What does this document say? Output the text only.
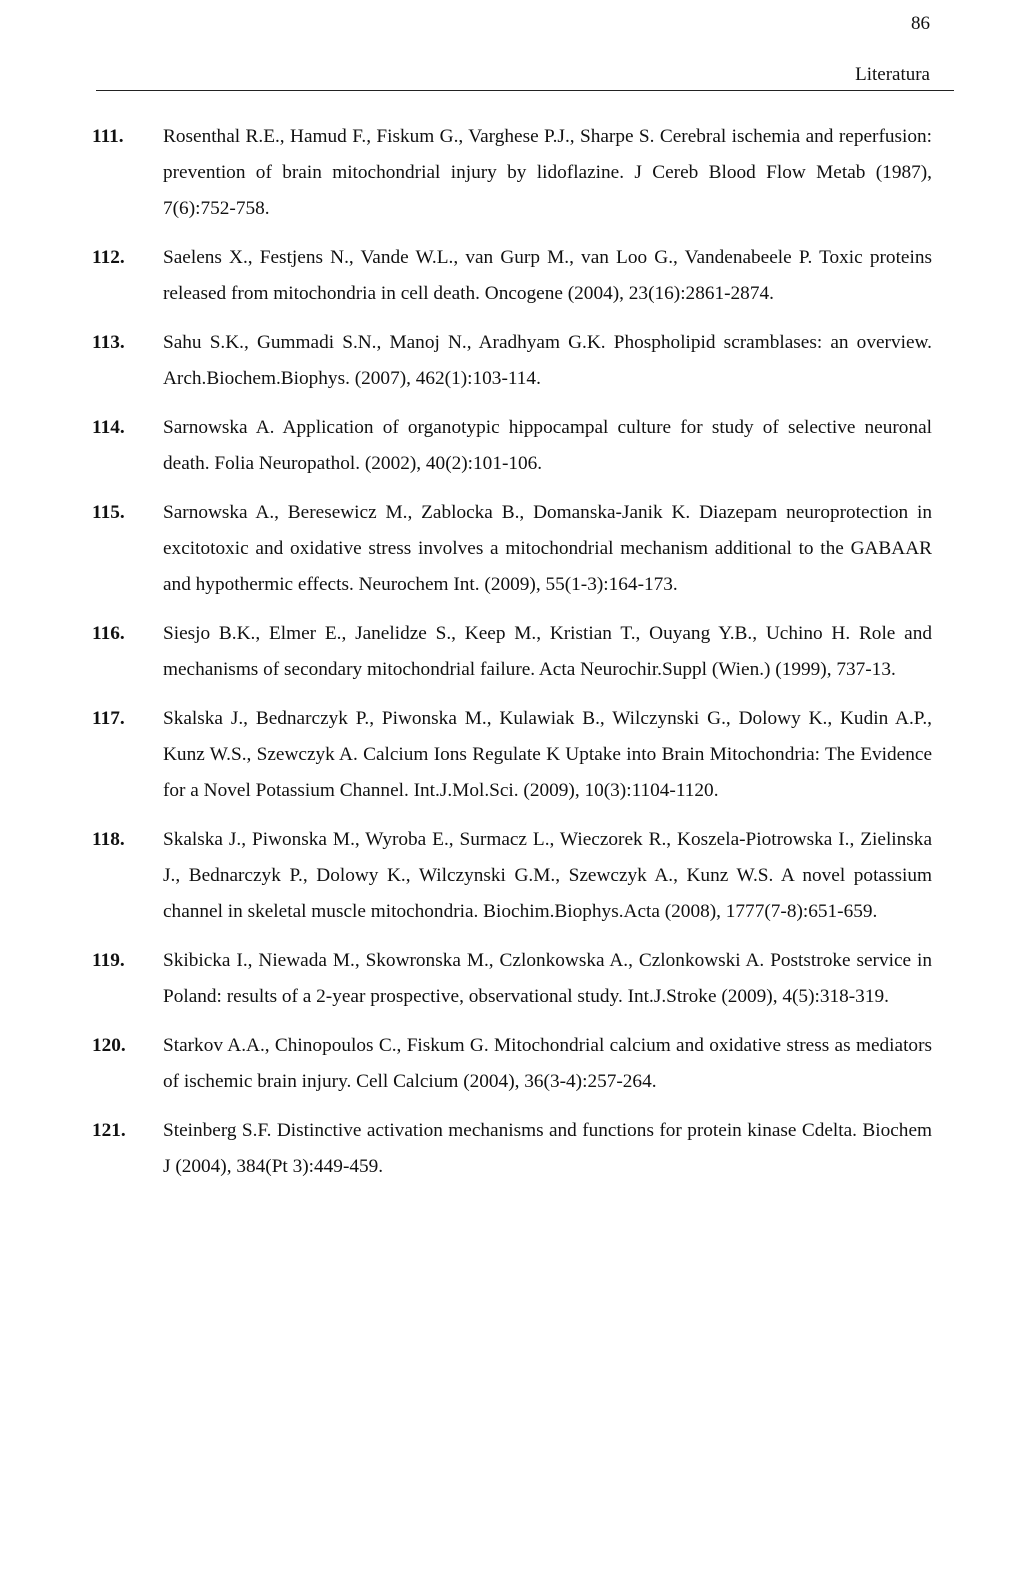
86
Literatura
111.	Rosenthal R.E., Hamud F., Fiskum G., Varghese P.J., Sharpe S. Cerebral ischemia and reperfusion: prevention of brain mitochondrial injury by lidoflazine. J Cereb Blood Flow Metab (1987), 7(6):752-758.
112.	Saelens X., Festjens N., Vande W.L., van Gurp M., van Loo G., Vandenabeele P. Toxic proteins released from mitochondria in cell death. Oncogene (2004), 23(16):2861-2874.
113.	Sahu S.K., Gummadi S.N., Manoj N., Aradhyam G.K. Phospholipid scramblases: an overview. Arch.Biochem.Biophys. (2007), 462(1):103-114.
114.	Sarnowska A. Application of organotypic hippocampal culture for study of selective neuronal death. Folia Neuropathol. (2002), 40(2):101-106.
115.	Sarnowska A., Beresewicz M., Zablocka B., Domanska-Janik K. Diazepam neuroprotection in excitotoxic and oxidative stress involves a mitochondrial mechanism additional to the GABAAR and hypothermic effects. Neurochem Int. (2009), 55(1-3):164-173.
116.	Siesjo B.K., Elmer E., Janelidze S., Keep M., Kristian T., Ouyang Y.B., Uchino H. Role and mechanisms of secondary mitochondrial failure. Acta Neurochir.Suppl (Wien.) (1999), 737-13.
117.	Skalska J., Bednarczyk P., Piwonska M., Kulawiak B., Wilczynski G., Dolowy K., Kudin A.P., Kunz W.S., Szewczyk A. Calcium Ions Regulate K Uptake into Brain Mitochondria: The Evidence for a Novel Potassium Channel. Int.J.Mol.Sci. (2009), 10(3):1104-1120.
118.	Skalska J., Piwonska M., Wyroba E., Surmacz L., Wieczorek R., Koszela-Piotrowska I., Zielinska J., Bednarczyk P., Dolowy K., Wilczynski G.M., Szewczyk A., Kunz W.S. A novel potassium channel in skeletal muscle mitochondria. Biochim.Biophys.Acta (2008), 1777(7-8):651-659.
119.	Skibicka I., Niewada M., Skowronska M., Czlonkowska A., Czlonkowski A. Poststroke service in Poland: results of a 2-year prospective, observational study. Int.J.Stroke (2009), 4(5):318-319.
120.	Starkov A.A., Chinopoulos C., Fiskum G. Mitochondrial calcium and oxidative stress as mediators of ischemic brain injury. Cell Calcium (2004), 36(3-4):257-264.
121.	Steinberg S.F. Distinctive activation mechanisms and functions for protein kinase Cdelta. Biochem J (2004), 384(Pt 3):449-459.
